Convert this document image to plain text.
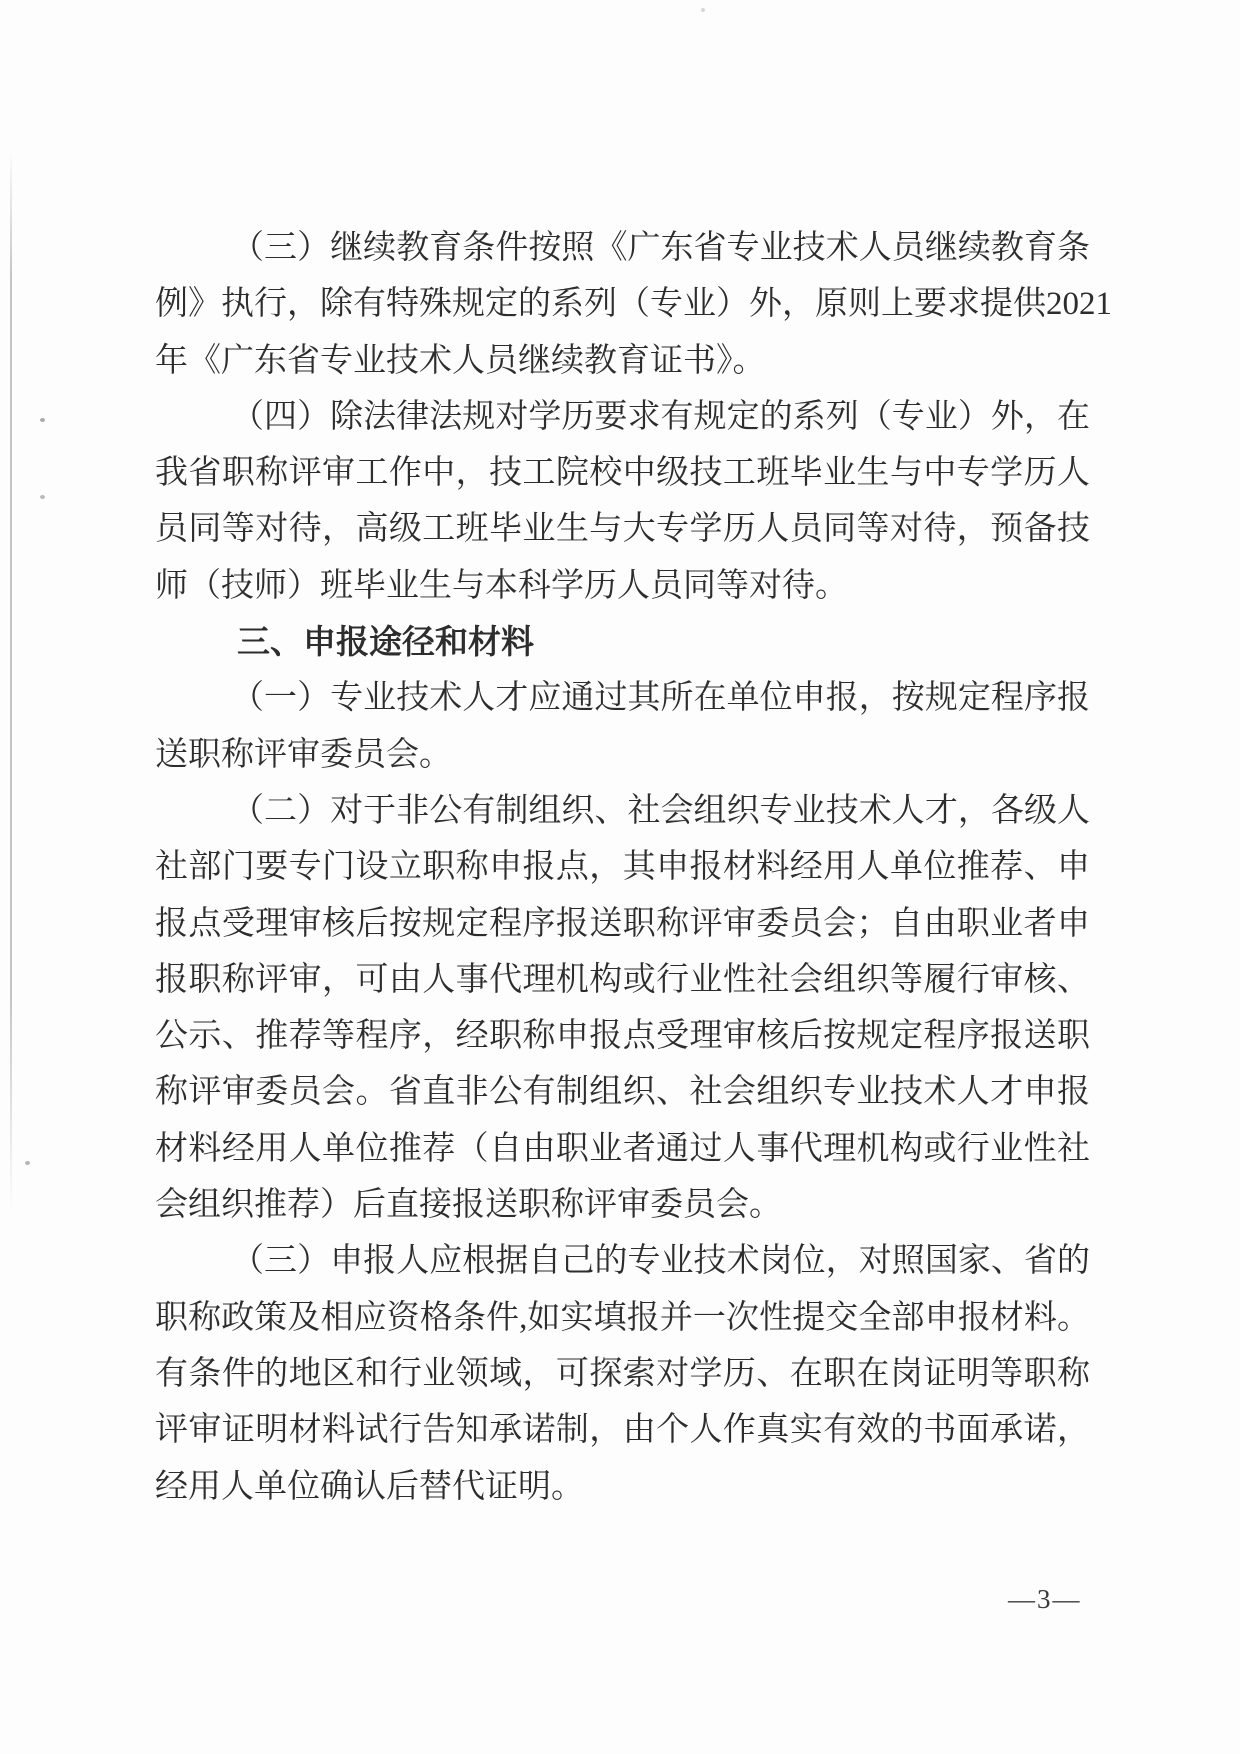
（三）继续教育条件按照《广东省专业技术人员继续教育条
例》执行，除有特殊规定的系列（专业）外，原则上要求提供2021
年《广东省专业技术人员继续教育证书》。
（四）除法律法规对学历要求有规定的系列（专业）外，在
我省职称评审工作中，技工院校中级技工班毕业生与中专学历人
员同等对待，高级工班毕业生与大专学历人员同等对待，预备技
师（技师）班毕业生与本科学历人员同等对待。
三、申报途径和材料
（一）专业技术人才应通过其所在单位申报，按规定程序报
送职称评审委员会。
（二）对于非公有制组织、社会组织专业技术人才，各级人
社部门要专门设立职称申报点，其申报材料经用人单位推荐、申
报点受理审核后按规定程序报送职称评审委员会；自由职业者申
报职称评审，可由人事代理机构或行业性社会组织等履行审核、
公示、推荐等程序，经职称申报点受理审核后按规定程序报送职
称评审委员会。省直非公有制组织、社会组织专业技术人才申报
材料经用人单位推荐（自由职业者通过人事代理机构或行业性社
会组织推荐）后直接报送职称评审委员会。
（三）申报人应根据自己的专业技术岗位，对照国家、省的
职称政策及相应资格条件,如实填报并一次性提交全部申报材料。
有条件的地区和行业领域，可探索对学历、在职在岗证明等职称
评审证明材料试行告知承诺制，由个人作真实有效的书面承诺，
经用人单位确认后替代证明。
—3—
